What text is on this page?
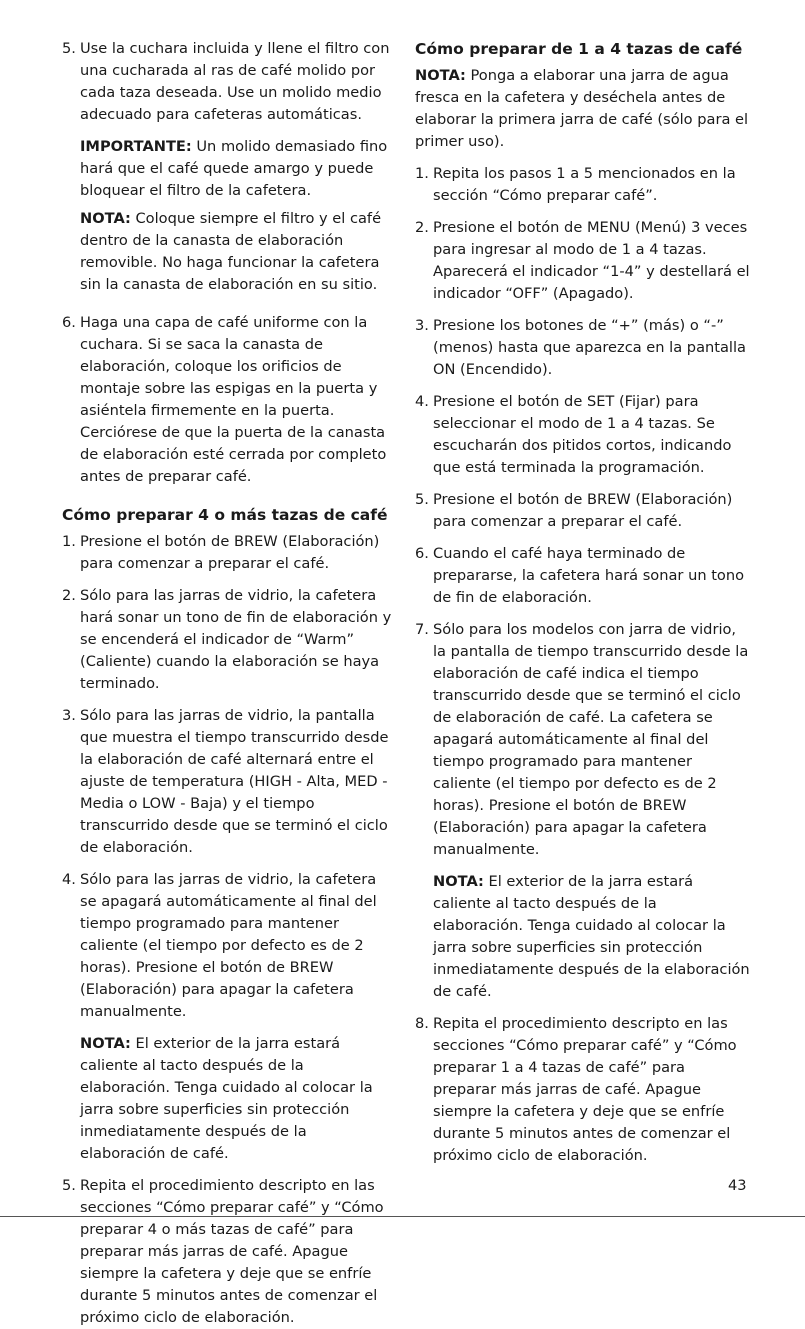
5. Use la cuchara incluida y llene el filtro con una cucharada al ras de café molido por cada taza deseada. Use un molido medio adecuado para cafeteras automáticas.
IMPORTANTE: Un molido demasiado fino hará que el café quede amargo y puede bloquear el filtro de la cafetera.
NOTA: Coloque siempre el filtro y el café dentro de la canasta de elaboración removible. No haga funcionar la cafetera sin la canasta de elaboración en su sitio.
6. Haga una capa de café uniforme con la cuchara. Si se saca la canasta de elaboración, coloque los orificios de montaje sobre las espigas en la puerta y asiéntela firmemente en la puerta. Cerciórese de que la puerta de la canasta de elaboración esté cerrada por completo antes de preparar café.
Cómo preparar 4 o más tazas de café
1. Presione el botón de BREW (Elaboración) para comenzar a preparar el café.
2. Sólo para las jarras de vidrio, la cafetera hará sonar un tono de fin de elaboración y se encenderá el indicador de “Warm” (Caliente) cuando la elaboración se haya terminado.
3. Sólo para las jarras de vidrio, la pantalla que muestra el tiempo transcurrido desde la elaboración de café alternará entre el ajuste de temperatura (HIGH - Alta, MED - Media o LOW - Baja) y el tiempo transcurrido desde que se terminó el ciclo de elaboración.
4. Sólo para las jarras de vidrio, la cafetera se apagará automáticamente al final del tiempo programado para mantener caliente (el tiempo por defecto es de 2 horas). Presione el botón de BREW (Elaboración) para apagar la cafetera manualmente.
NOTA: El exterior de la jarra estará caliente al tacto después de la elaboración. Tenga cuidado al colocar la jarra sobre superficies sin protección inmediatamente después de la elaboración de café.
5. Repita el procedimiento descripto en las secciones “Cómo preparar café” y “Cómo preparar 4 o más tazas de café” para preparar más jarras de café. Apague siempre la cafetera y deje que se enfríe durante 5 minutos antes de comenzar el próximo ciclo de elaboración.
Cómo preparar de 1 a 4 tazas de café
NOTA: Ponga a elaborar una jarra de agua fresca en la cafetera y deséchela antes de elaborar la primera jarra de café (sólo para el primer uso).
1. Repita los pasos 1 a 5 mencionados en la sección “Cómo preparar café”.
2. Presione el botón de MENU (Menú) 3 veces para ingresar al modo de 1 a 4 tazas. Aparecerá el indicador “1-4” y destellará el indicador “OFF” (Apagado).
3. Presione los botones de “+” (más) o “-” (menos) hasta que aparezca en la pantalla ON (Encendido).
4. Presione el botón de SET (Fijar) para seleccionar el modo de 1 a 4 tazas. Se escucharán dos pitidos cortos, indicando que está terminada la programación.
5. Presione el botón de BREW (Elaboración) para comenzar a preparar el café.
6. Cuando el café haya terminado de prepararse, la cafetera hará sonar un tono de fin de elaboración.
7. Sólo para los modelos con jarra de vidrio, la pantalla de tiempo transcurrido desde la elaboración de café indica el tiempo transcurrido desde que se terminó el ciclo de elaboración de café. La cafetera se apagará automáticamente al final del tiempo programado para mantener caliente (el tiempo por defecto es de 2 horas). Presione el botón de BREW (Elaboración) para apagar la cafetera manualmente.
NOTA: El exterior de la jarra estará caliente al tacto después de la elaboración. Tenga cuidado al colocar la jarra sobre superficies sin protección inmediatamente después de la elaboración de café.
8. Repita el procedimiento descripto en las secciones “Cómo preparar café” y “Cómo preparar 1 a 4 tazas de café” para preparar más jarras de café. Apague siempre la cafetera y deje que se enfríe durante 5 minutos antes de comenzar el próximo ciclo de elaboración.
43
